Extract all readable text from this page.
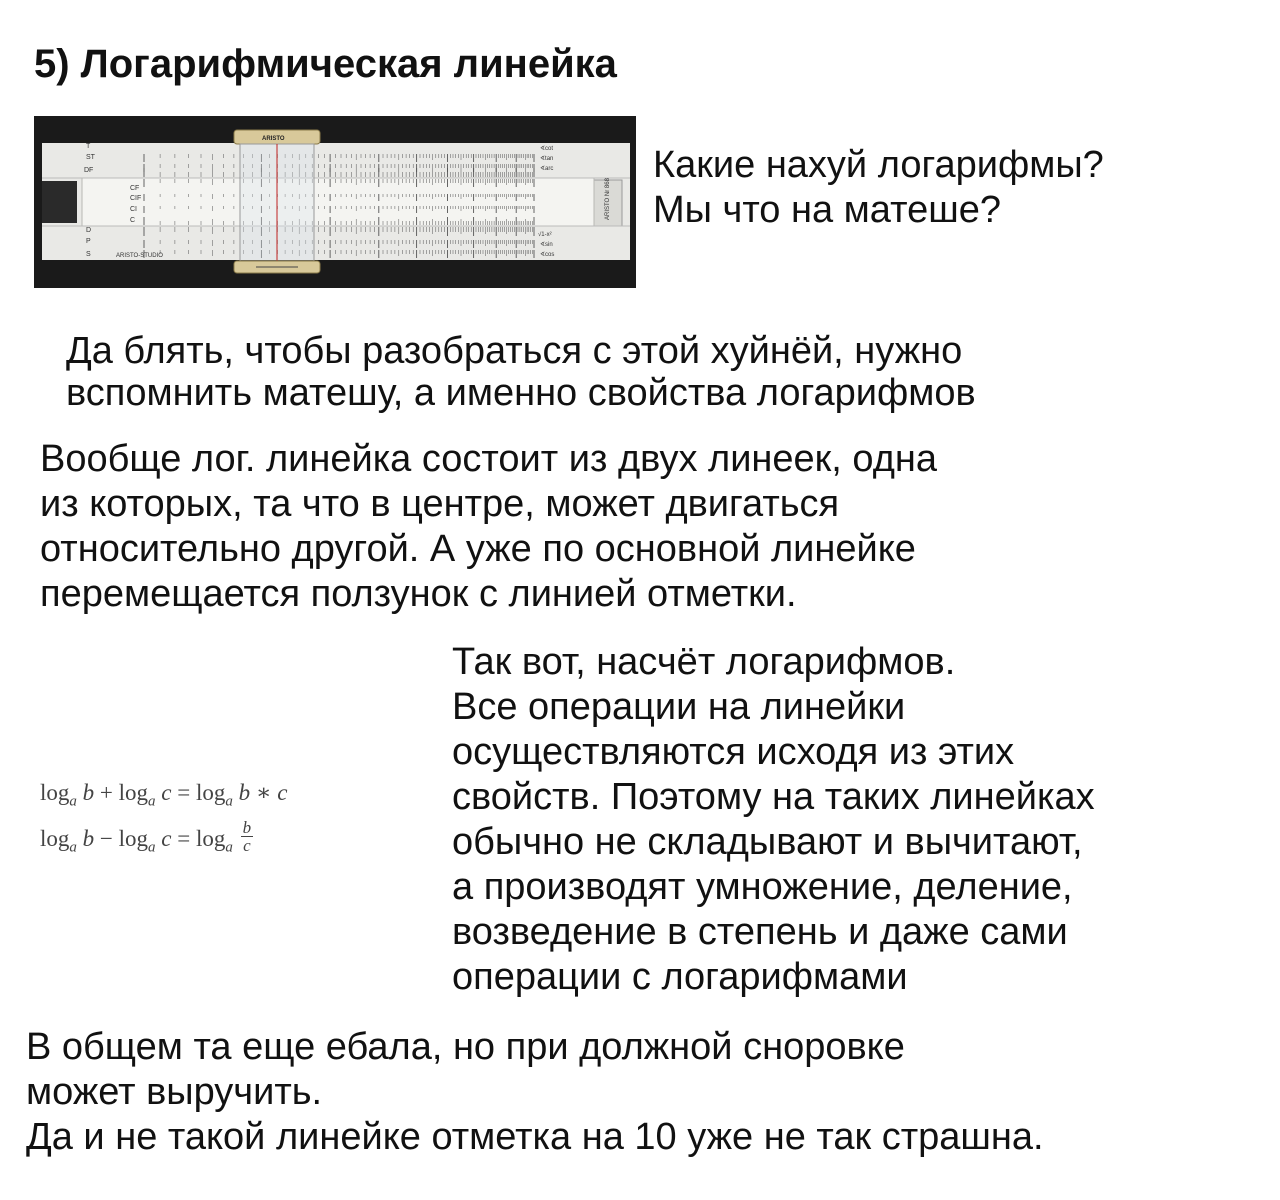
5) Логарифмическая линейка
T
ST
DF
CF
CIF
CI
C
D
P
S
∢cot
∢tan
∢arc
∢sin
∢cos
√1-x²
ARISTO-STUDIO
ARISTO Nr 868
ARISTO

Какие нахуй логарифмы?

Мы что на матеше?

Да блять, чтобы разобраться с этой хуйнёй, нужно
вспомнить матешу, а именно свойства логарифмов

Вообще лог. линейка состоит из двух линеек, одна
из которых, та что в центре, может двигаться
относительно другой. А уже по основной линейке
перемещается ползунок с линией отметки.

$\log_a b + \log_a c = \log_a b$ ∗ c
$\log_a b - \log_a c = \log_a \frac{b}{c}$

Так вот, насчёт логарифмов.
Все операции на линейки
осуществляются исходя из этих
свойств. Поэтому на таких линейках
обычно не складывают и вычитают,
а производят умножение, деление,
возведение в степень и даже сами
операции с логарифмами

В общем та еще ебала, но при должной сноровке
может выручить.
Да и не такой линейке отметка на 10 уже не так страшна.
